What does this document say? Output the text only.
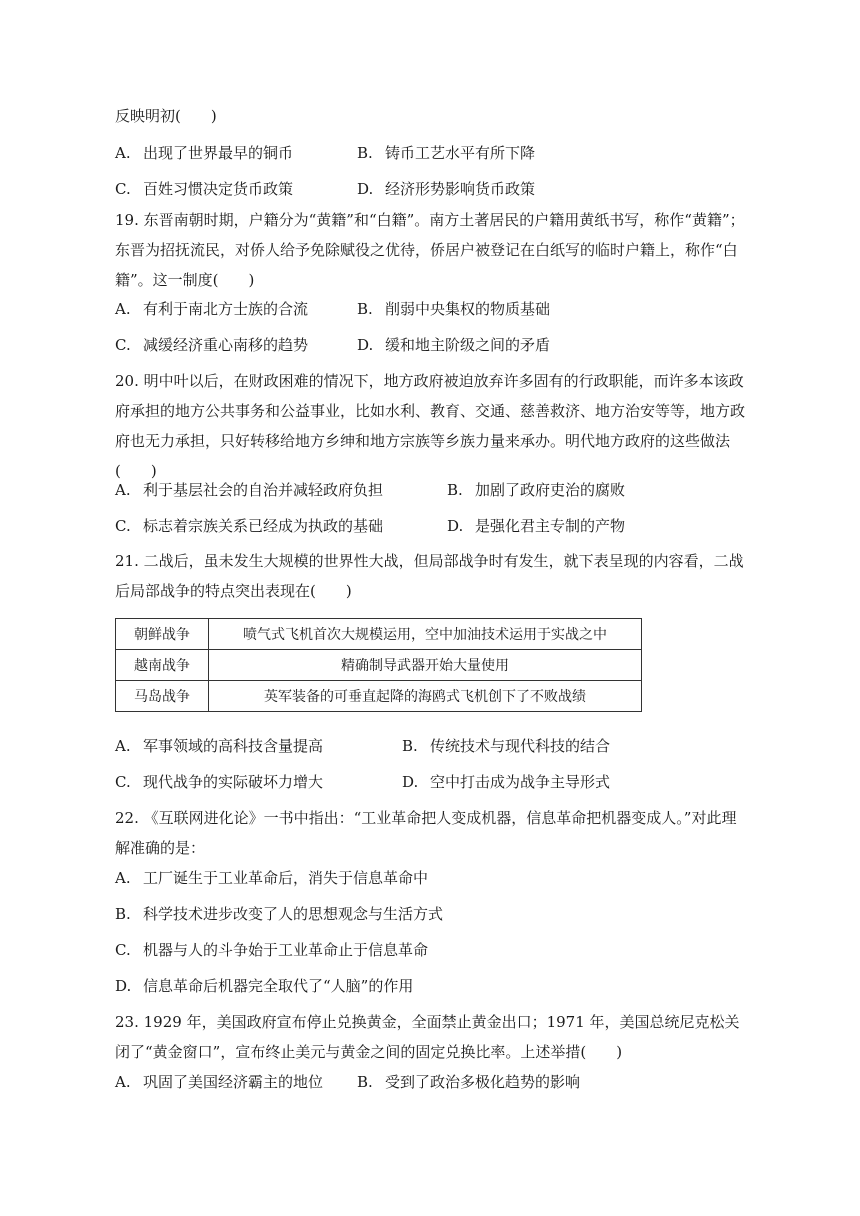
反映明初(　　)
A. 出现了世界最早的铜币	B. 铸币工艺水平有所下降
C. 百姓习惯决定货币政策	D. 经济形势影响货币政策
19. 东晋南朝时期，户籍分为“黄籍”和“白籍”。南方土著居民的户籍用黄纸书写，称作“黄籍”；东晋为招抚流民，对侨人给予免除赋役之优待，侨居户被登记在白纸写的临时户籍上，称作“白籍”。这一制度(　　)
A. 有利于南北方士族的合流	B. 削弱中央集权的物质基础
C. 减缓经济重心南移的趋势	D. 缓和地主阶级之间的矛盾
20. 明中叶以后，在财政困难的情况下，地方政府被迫放弃许多固有的行政职能，而许多本该政府承担的地方公共事务和公益事业，比如水利、教育、交通、慈善救济、地方治安等等，地方政府也无力承担，只好转移给地方乡绅和地方宗族等乡族力量来承办。明代地方政府的这些做法(　　)
A. 利于基层社会的自治并减轻政府负担	B. 加剧了政府吏治的腐败
C. 标志着宗族关系已经成为执政的基础	D. 是强化君主专制的产物
21. 二战后，虽未发生大规模的世界性大战，但局部战争时有发生，就下表呈现的内容看，二战后局部战争的特点突出表现在(　　)
朝鲜战争	喷气式飞机首次大规模运用，空中加油技术运用于实战之中
越南战争	精确制导武器开始大量使用
马岛战争	英军装备的可垂直起降的海鸥式飞机创下了不败战绩
A. 军事领域的高科技含量提高	B. 传统技术与现代科技的结合
C. 现代战争的实际破坏力增大	D. 空中打击成为战争主导形式
22. 《互联网进化论》一书中指出：“工业革命把人变成机器，信息革命把机器变成人。”对此理解准确的是：
A. 工厂诞生于工业革命后，消失于信息革命中
B. 科学技术进步改变了人的思想观念与生活方式
C. 机器与人的斗争始于工业革命止于信息革命
D. 信息革命后机器完全取代了“人脑”的作用
23. 1929 年，美国政府宣布停止兑换黄金，全面禁止黄金出口；1971 年，美国总统尼克松关闭了“黄金窗口”，宣布终止美元与黄金之间的固定兑换比率。上述举措(　　)
A. 巩固了美国经济霸主的地位 B. 受到了政治多极化趋势的影响
